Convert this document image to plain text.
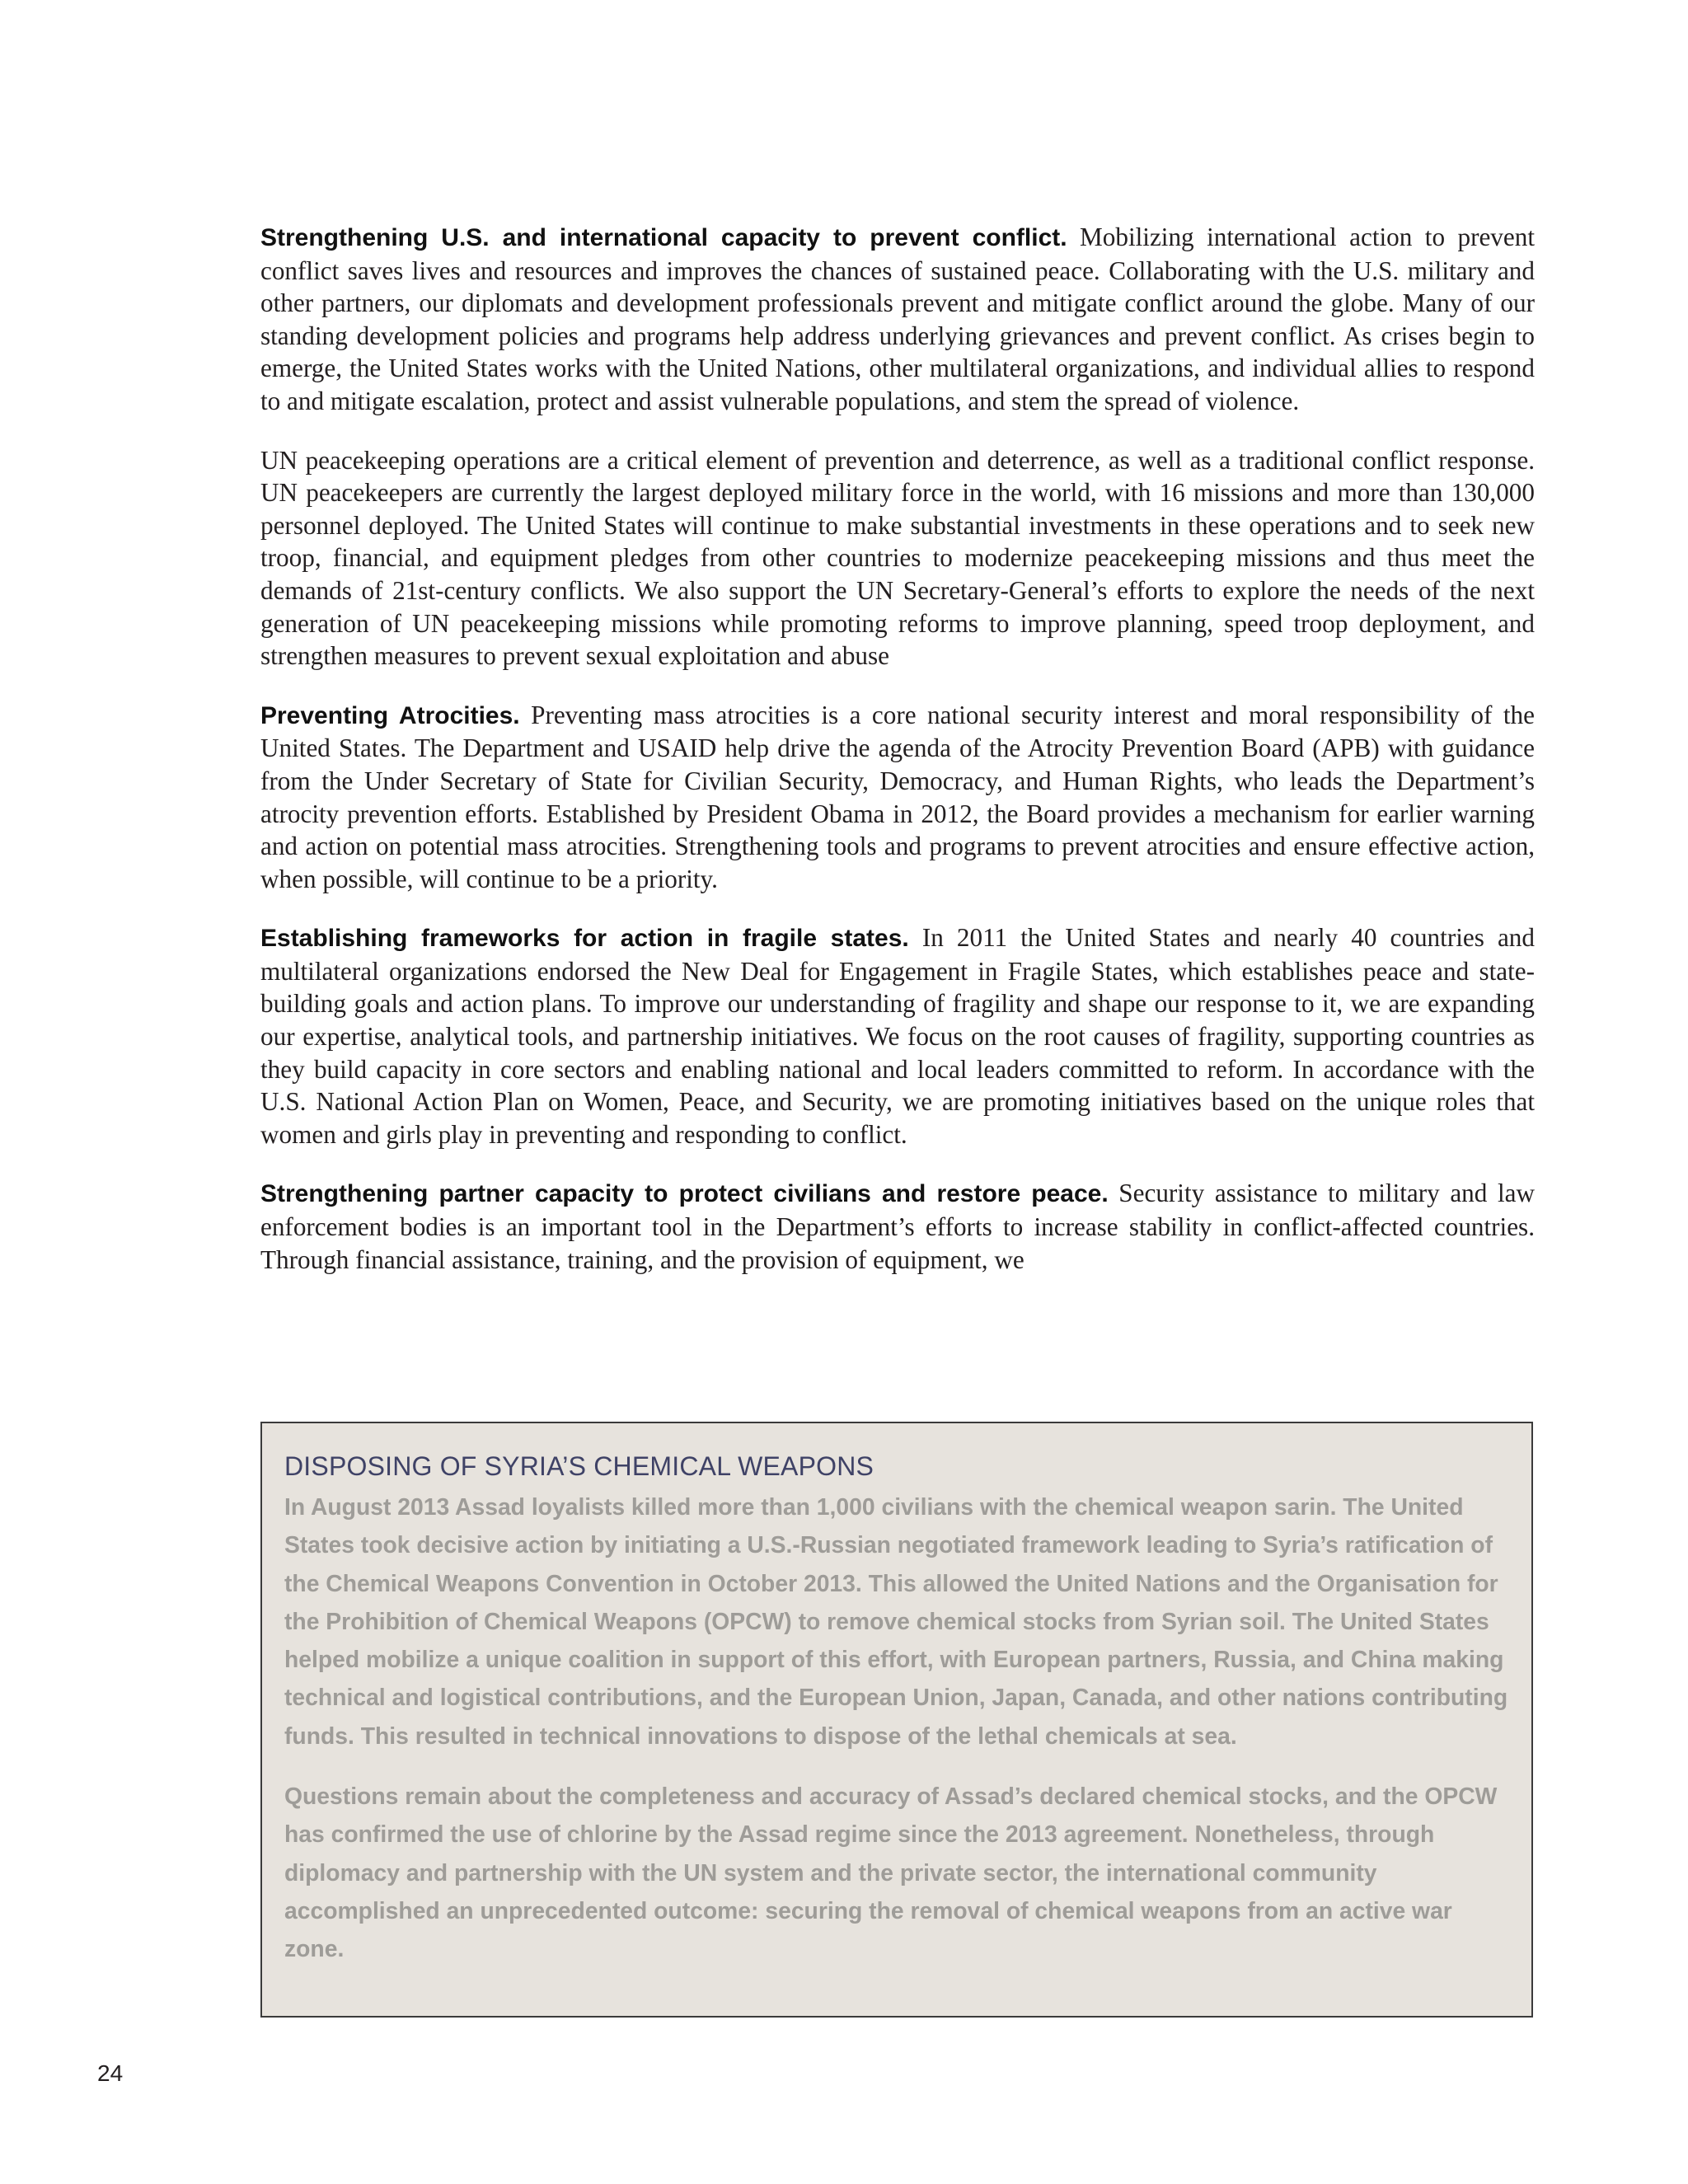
Strengthening U.S. and international capacity to prevent conflict. Mobilizing international action to prevent conflict saves lives and resources and improves the chances of sustained peace. Collaborating with the U.S. military and other partners, our diplomats and development professionals prevent and mitigate conflict around the globe. Many of our standing development policies and programs help address underlying grievances and prevent conflict. As crises begin to emerge, the United States works with the United Nations, other multilateral organizations, and individual allies to respond to and mitigate escalation, protect and assist vulnerable populations, and stem the spread of violence.

UN peacekeeping operations are a critical element of prevention and deterrence, as well as a traditional conflict response. UN peacekeepers are currently the largest deployed military force in the world, with 16 missions and more than 130,000 personnel deployed. The United States will continue to make substantial investments in these operations and to seek new troop, financial, and equipment pledges from other countries to modernize peacekeeping missions and thus meet the demands of 21st-century conflicts. We also support the UN Secretary-General’s efforts to explore the needs of the next generation of UN peacekeeping missions while promoting reforms to improve planning, speed troop deployment, and strengthen measures to prevent sexual exploitation and abuse

Preventing Atrocities. Preventing mass atrocities is a core national security interest and moral responsibility of the United States. The Department and USAID help drive the agenda of the Atrocity Prevention Board (APB) with guidance from the Under Secretary of State for Civilian Security, Democracy, and Human Rights, who leads the Department’s atrocity prevention efforts. Established by President Obama in 2012, the Board provides a mechanism for earlier warning and action on potential mass atrocities. Strengthening tools and programs to prevent atrocities and ensure effective action, when possible, will continue to be a priority.

Establishing frameworks for action in fragile states. In 2011 the United States and nearly 40 countries and multilateral organizations endorsed the New Deal for Engagement in Fragile States, which establishes peace and state-building goals and action plans. To improve our understanding of fragility and shape our response to it, we are expanding our expertise, analytical tools, and partnership initiatives. We focus on the root causes of fragility, supporting countries as they build capacity in core sectors and enabling national and local leaders committed to reform. In accordance with the U.S. National Action Plan on Women, Peace, and Security, we are promoting initiatives based on the unique roles that women and girls play in preventing and responding to conflict.

Strengthening partner capacity to protect civilians and restore peace. Security assistance to military and law enforcement bodies is an important tool in the Department’s efforts to increase stability in conflict-affected countries. Through financial assistance, training, and the provision of equipment, we

DISPOSING OF SYRIA’S CHEMICAL WEAPONS

In August 2013 Assad loyalists killed more than 1,000 civilians with the chemical weapon sarin. The United States took decisive action by initiating a U.S.-Russian negotiated framework leading to Syria’s ratification of the Chemical Weapons Convention in October 2013. This allowed the United Nations and the Organisation for the Prohibition of Chemical Weapons (OPCW) to remove chemical stocks from Syrian soil. The United States helped mobilize a unique coalition in support of this effort, with European partners, Russia, and China making technical and logistical contributions, and the European Union, Japan, Canada, and other nations contributing funds. This resulted in technical innovations to dispose of the lethal chemicals at sea.

Questions remain about the completeness and accuracy of Assad’s declared chemical stocks, and the OPCW has confirmed the use of chlorine by the Assad regime since the 2013 agreement. Nonetheless, through diplomacy and partnership with the UN system and the private sector, the international community accomplished an unprecedented outcome: securing the removal of chemical weapons from an active war zone.

24
